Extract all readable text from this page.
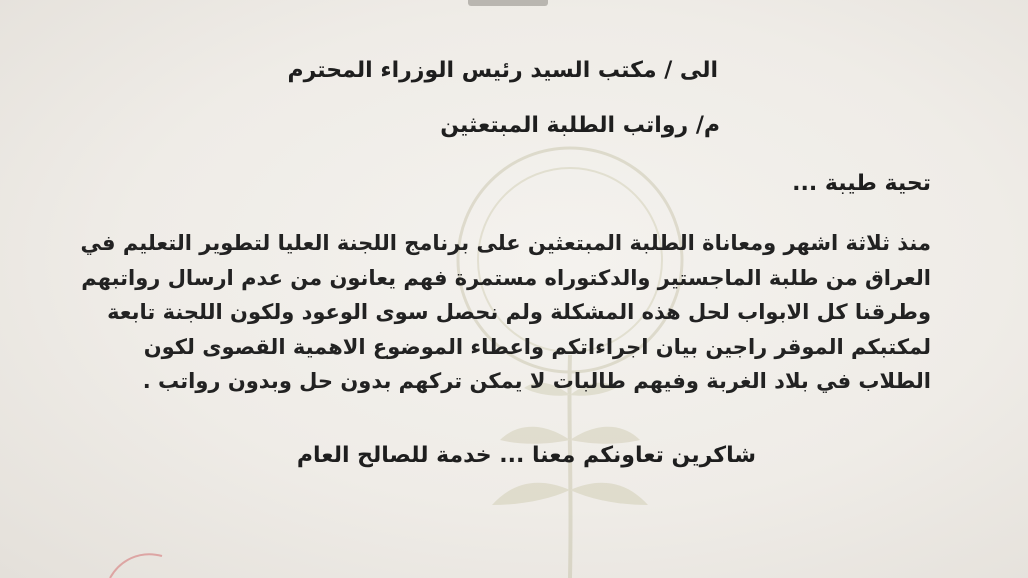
الى / مكتب السيد رئيس الوزراء المحترم
م/ رواتب الطلبة المبتعثين
تحية طيبة ...
منذ ثلاثة اشهر ومعاناة الطلبة المبتعثين على برنامج اللجنة العليا لتطوير التعليم في
العراق من طلبة الماجستير والدكتوراه مستمرة فهم يعانون من عدم ارسال رواتبهم
وطرقنا كل الابواب لحل هذه المشكلة ولم نحصل سوى الوعود ولكون اللجنة تابعة
لمكتبكم الموقر راجين بيان اجراءاتكم واعطاء الموضوع الاهمية القصوى لكون
الطلاب في بلاد الغربة وفيهم طالبات لا يمكن تركهم بدون حل وبدون رواتب .
شاكرين تعاونكم معنا ... خدمة للصالح العام
